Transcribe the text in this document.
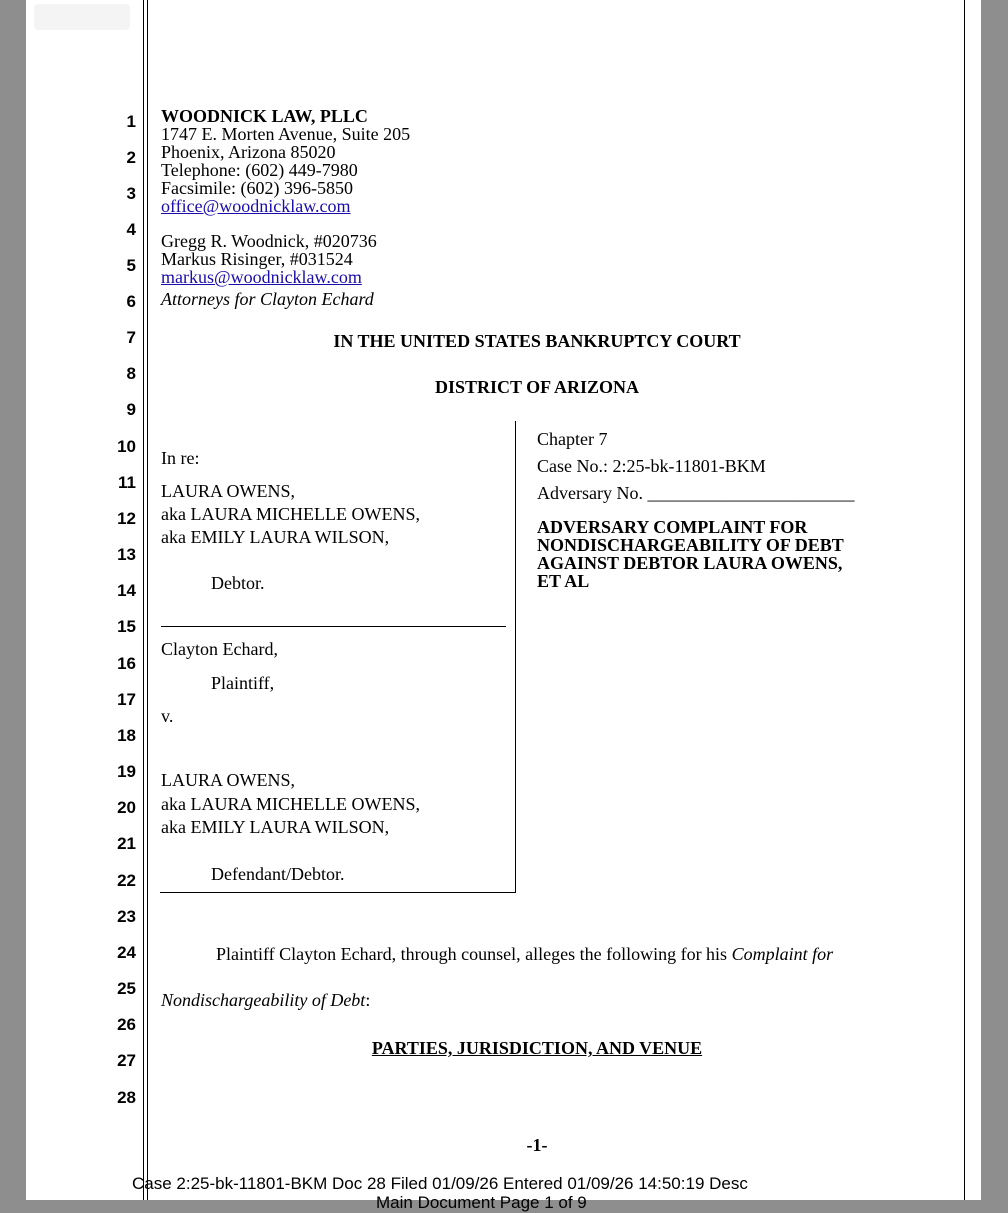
1
2
3
4
5
6
7
8
9
10
11
12
13
14
15
16
17
18
19
20
21
22
23
24
25
26
27
28
WOODNICK LAW, PLLC
1747 E. Morten Avenue, Suite 205
Phoenix, Arizona 85020
Telephone: (602) 449-7980
Facsimile: (602) 396-5850
office@woodnicklaw.com
Gregg R. Woodnick, #020736
Markus Risinger, #031524
markus@woodnicklaw.com
Attorneys for Clayton Echard
IN THE UNITED STATES BANKRUPTCY COURT
DISTRICT OF ARIZONA
In re:
LAURA OWENS,
aka LAURA MICHELLE OWENS,
aka EMILY LAURA WILSON,
Debtor.
Clayton Echard,
Plaintiff,
v.
LAURA OWENS,
aka LAURA MICHELLE OWENS,
aka EMILY LAURA WILSON,
Defendant/Debtor.
Chapter 7
Case No.: 2:25-bk-11801-BKM
Adversary No. _______________________
ADVERSARY COMPLAINT FOR
NONDISCHARGEABILITY OF DEBT
AGAINST DEBTOR LAURA OWENS,
ET AL
Plaintiff Clayton Echard, through counsel, alleges the following for his Complaint for
Nondischargeability of Debt:
PARTIES, JURISDICTION, AND VENUE
-1-
Case 2:25-bk-11801-BKM Doc 28 Filed 01/09/26 Entered 01/09/26 14:50:19 Desc
Main Document Page 1 of 9
